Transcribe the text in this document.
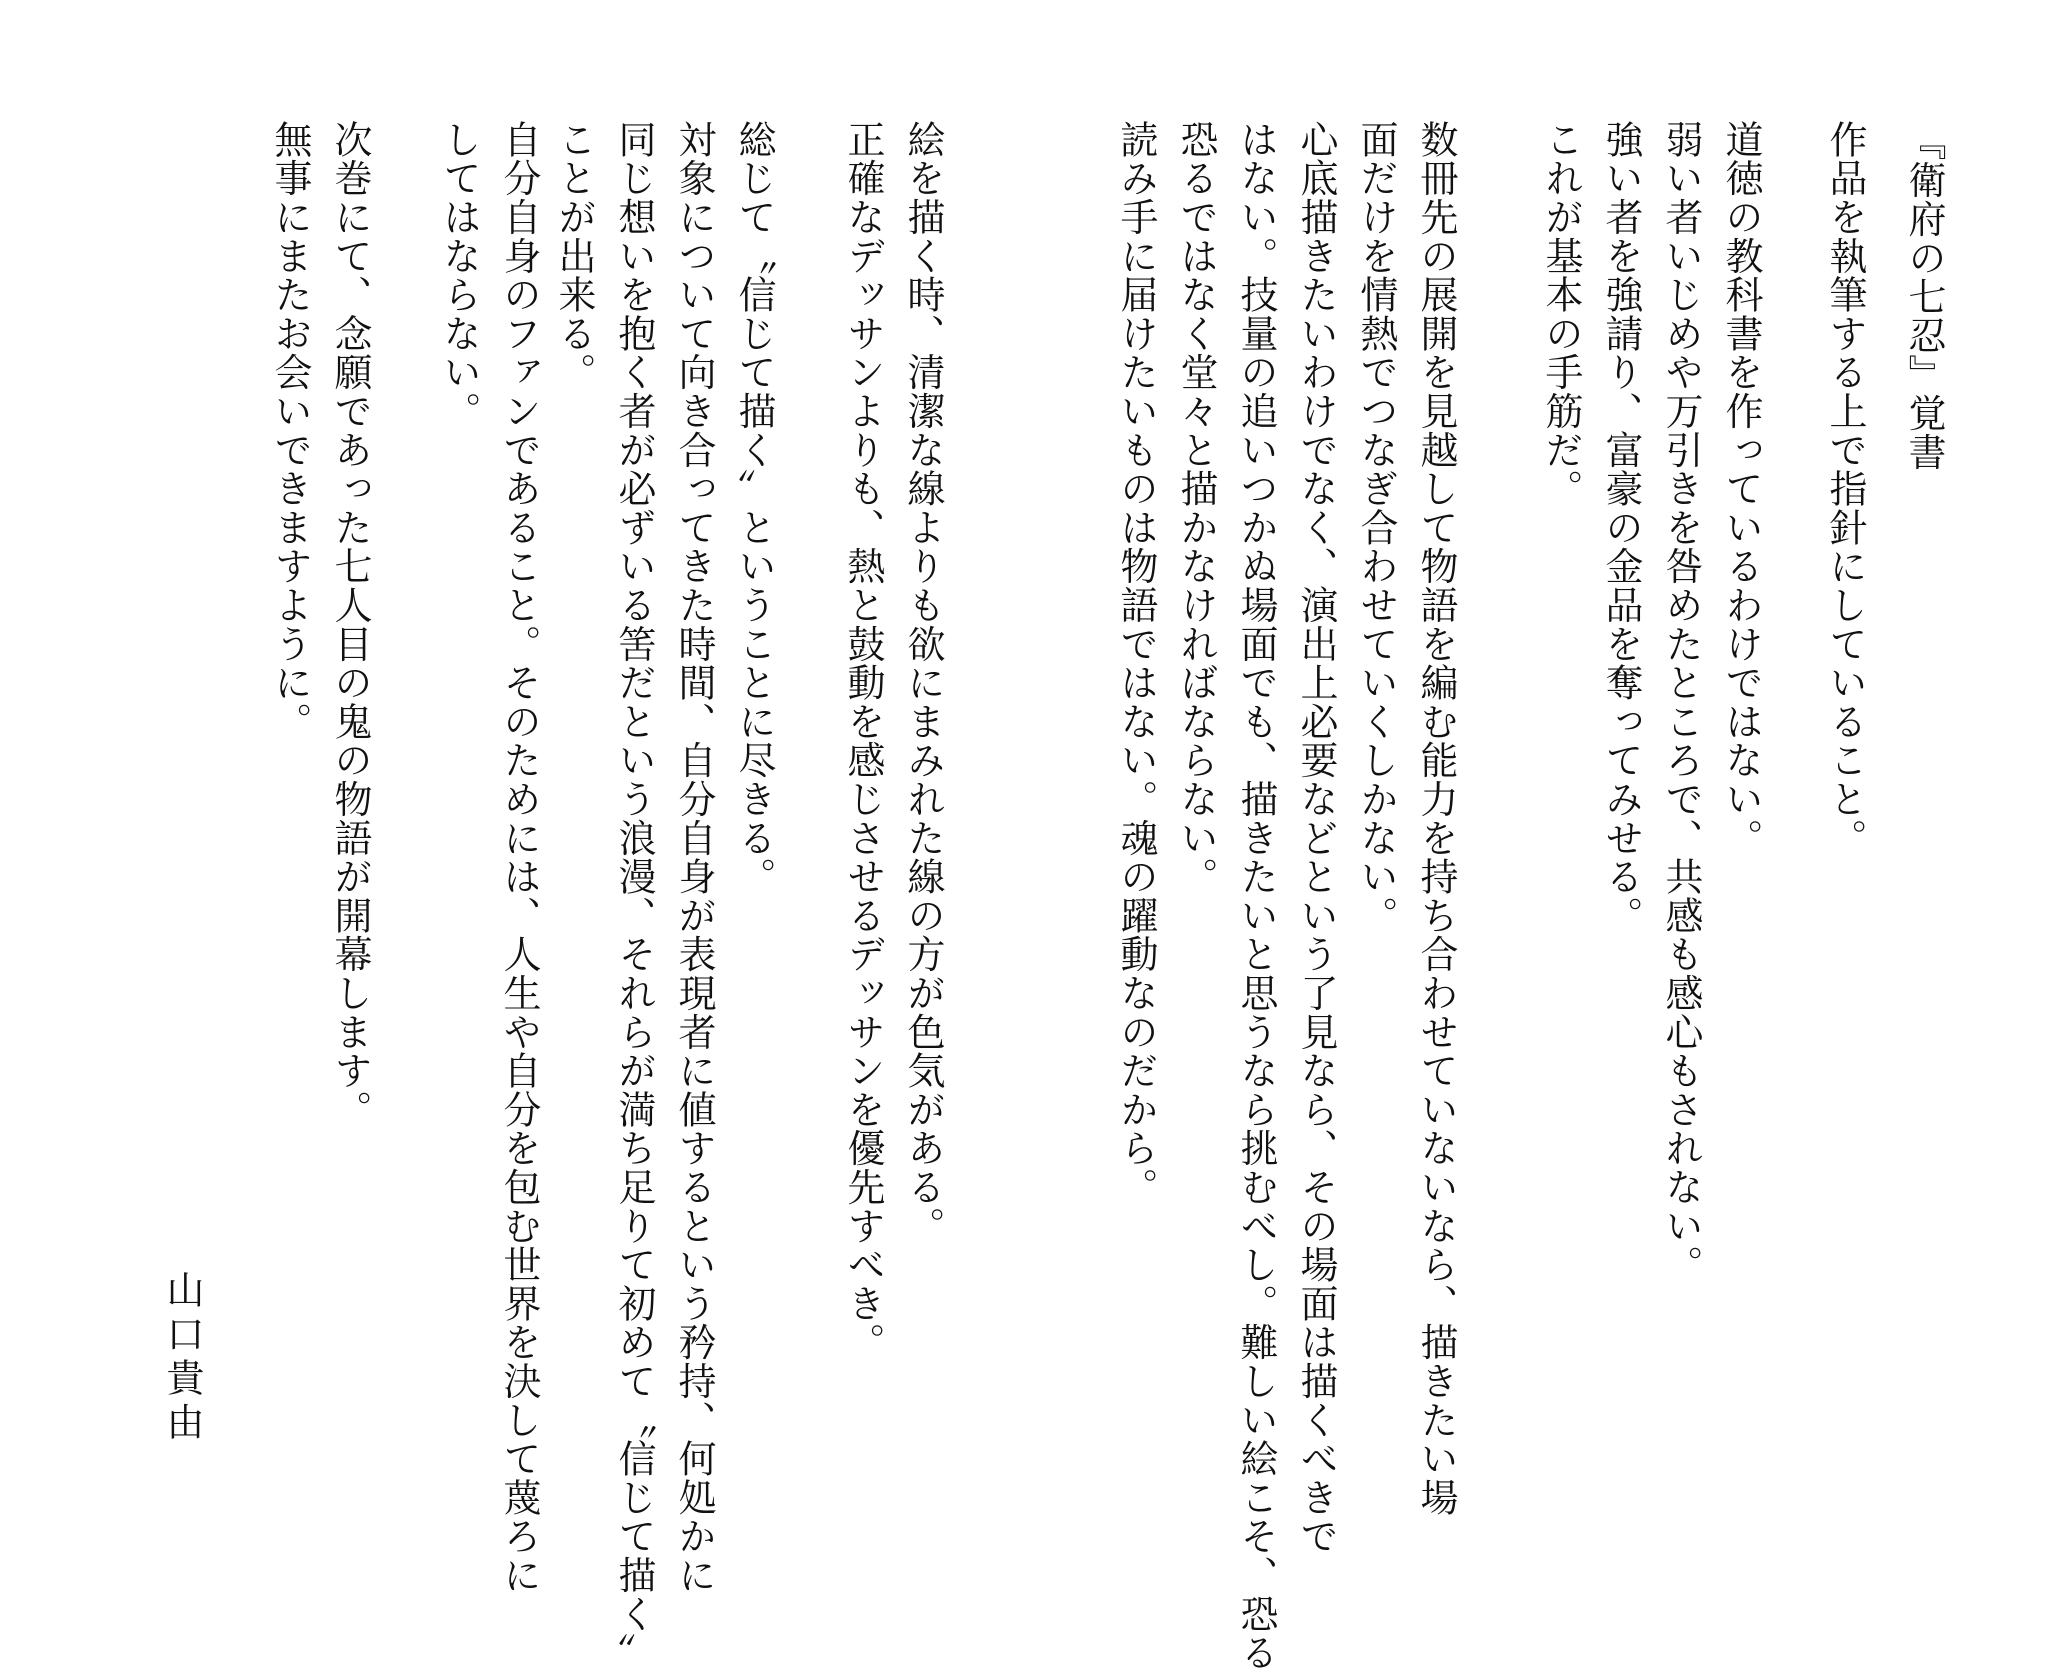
『衛府の七忍』覚書
作品を執筆する上で指針にしていること。
道徳の教科書を作っているわけではない。
弱い者いじめや万引きを咎めたところで、共感も感心もされない。
強い者を強請り、富豪の金品を奪ってみせる。
これが基本の手筋だ。
数冊先の展開を見越して物語を編む能力を持ち合わせていないなら、描きたい場
面だけを情熱でつなぎ合わせていくしかない。
心底描きたいわけでなく、演出上必要などという了見なら、その場面は描くべきで
はない。技量の追いつかぬ場面でも、描きたいと思うなら挑むべし。難しい絵こそ、恐る
恐るではなく堂々と描かなければならない。
読み手に届けたいものは物語ではない。魂の躍動なのだから。
絵を描く時、清潔な線よりも欲にまみれた線の方が色気がある。
正確なデッサンよりも、熱と鼓動を感じさせるデッサンを優先すべき。
総じて〝信じて描く〟ということに尽きる。
対象について向き合ってきた時間、自分自身が表現者に値するという矜持、何処かに
同じ想いを抱く者が必ずいる筈だという浪漫、それらが満ち足りて初めて〝信じて描く〟
ことが出来る。
自分自身のファンであること。そのためには、人生や自分を包む世界を決して蔑ろに
してはならない。
次巻にて、念願であった七人目の鬼の物語が開幕します。
無事にまたお会いできますように。
山口貴由
